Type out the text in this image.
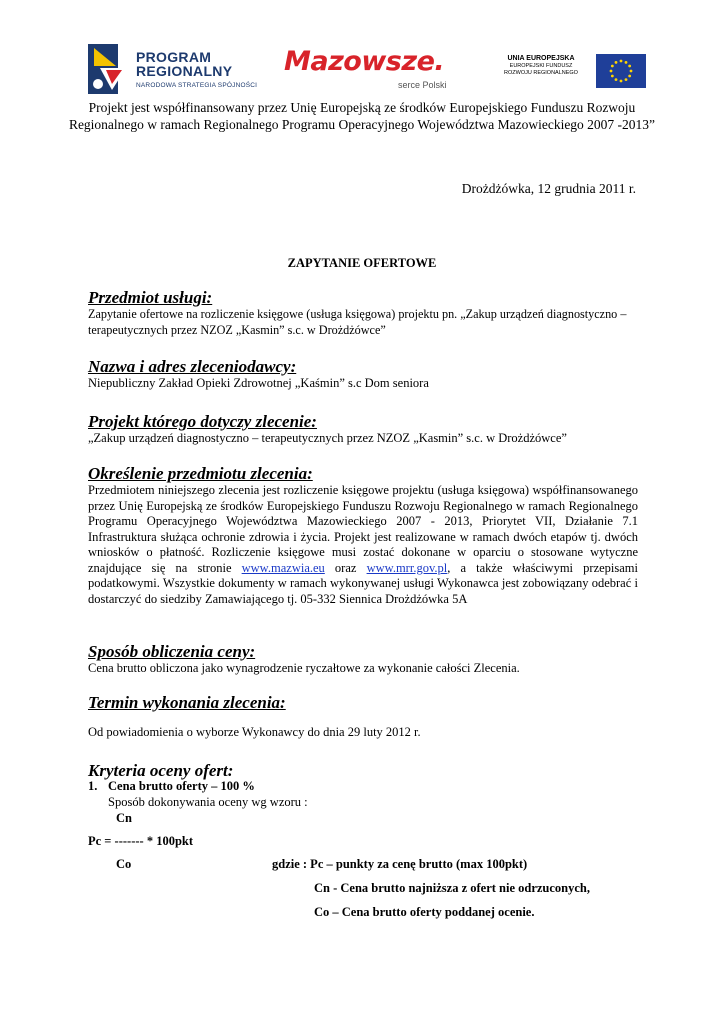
PROGRAM
REGIONALNY
NARODOWA STRATEGIA SPÓJNOŚCI
Mazowsze.
serce Polski
UNIA EUROPEJSKA
EUROPEJSKI FUNDUSZ
ROZWOJU REGIONALNEGO

Projekt jest współfinansowany przez Unię Europejską ze środków Europejskiego Funduszu Rozwoju Regionalnego w ramach Regionalnego Programu Operacyjnego Województwa Mazowieckiego 2007 -2013”

Drożdżówka, 12 grudnia 2011 r.

ZAPYTANIE OFERTOWE

Przedmiot usługi:

Zapytanie ofertowe na rozliczenie księgowe (usługa księgowa) projektu pn. „Zakup urządzeń diagnostyczno – terapeutycznych przez NZOZ „Kasmin” s.c. w Drożdżówce”

Nazwa i adres zleceniodawcy:

Niepubliczny Zakład Opieki Zdrowotnej „Kaśmin” s.c Dom seniora

Projekt którego dotyczy zlecenie:

„Zakup urządzeń diagnostyczno – terapeutycznych przez NZOZ „Kasmin” s.c. w Drożdżówce”

Określenie przedmiotu zlecenia:

Przedmiotem niniejszego zlecenia jest rozliczenie księgowe projektu (usługa księgowa) współfinansowanego przez Unię Europejską ze środków Europejskiego Funduszu Rozwoju Regionalnego w ramach Regionalnego Programu Operacyjnego Województwa Mazowieckiego 2007 - 2013, Priorytet VII, Działanie 7.1 Infrastruktura służąca ochronie zdrowia i życia. Projekt jest realizowane w ramach dwóch etapów tj. dwóch wniosków o płatność. Rozliczenie księgowe musi zostać dokonane w oparciu o stosowane wytyczne znajdujące się na stronie www.mazwia.eu oraz www.mrr.gov.pl, a także właściwymi przepisami podatkowymi. Wszystkie dokumenty w ramach wykonywanej usługi Wykonawca jest zobowiązany odebrać i dostarczyć do siedziby Zamawiającego tj. 05-332 Siennica Drożdżówka 5A

Sposób obliczenia ceny:

Cena brutto obliczona jako wynagrodzenie ryczałtowe za wykonanie całości Zlecenia.

Termin wykonania zlecenia:

Od powiadomienia o wyborze Wykonawcy do dnia 29 luty 2012 r.

Kryteria oceny ofert:

1. Cena brutto oferty – 100 %

Sposób dokonywania oceny wg wzoru :

Cn

Pc = ------- * 100pkt

Co	gdzie : Pc – punkty za cenę brutto (max 100pkt)

Cn - Cena brutto najniższa z ofert nie odrzuconych,

Co – Cena brutto oferty poddanej ocenie.
